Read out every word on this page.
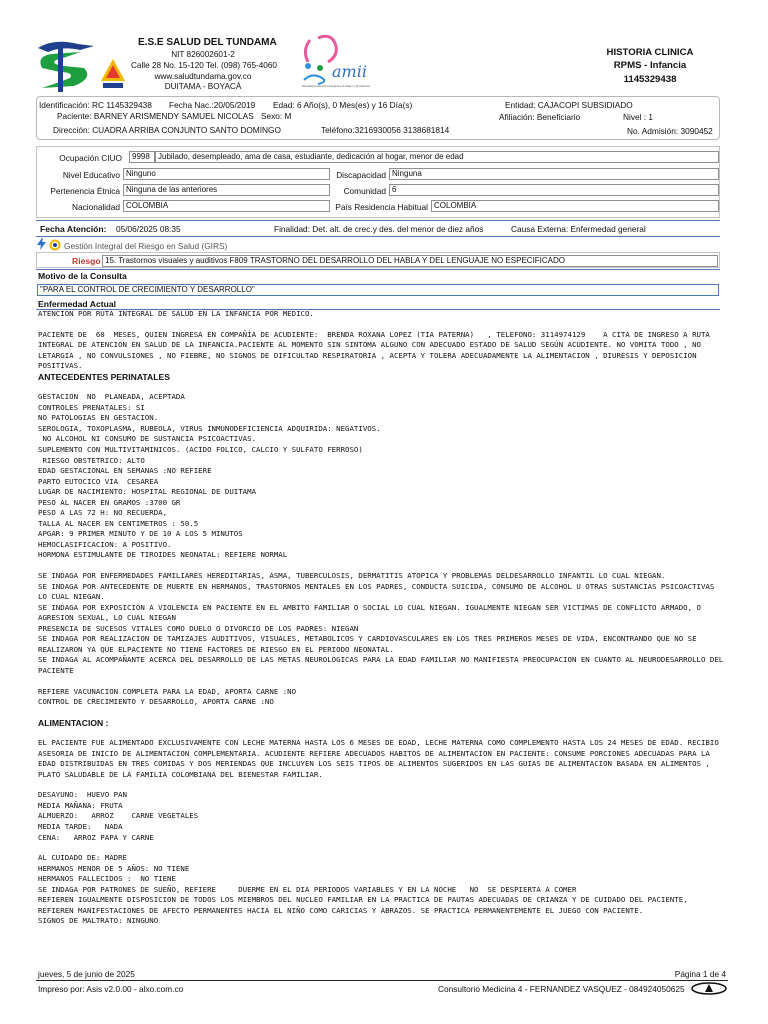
E.S.E SALUD DEL TUNDAMA
NIT 826002601-2
Calle 28 No. 15-120 Tel. (098) 765-4060
www.saludtundama.gov.co
DUITAMA - BOYACÁ
amii
Estrategia Atención Integral a la Mujer y la Infancia
HISTORIA CLINICA
RPMS - Infancia
1145329438
Identificación: RC 1145329438 Fecha Nac.:20/05/2019 Edad: 6 Año(s), 0 Mes(es) y 16 Día(s)	Entidad: CAJACOPI SUBSIDIADO
Paciente: BARNEY ARISMENDY SAMUEL NICOLAS Sexo: M	Afiliación: Beneficiario	Nivel : 1
Dirección: CUADRA ARRIBA CONJUNTO SANTO DOMINGO	Teléfono:3216930056 3138681814	No. Admisión: 3090452
Ocupación CIUO	9998	Jubilado, desempleado, ama de casa, estudiante, dedicación al hogar, menor de edad
Nivel Educativo Ninguno	Discapacidad Ninguna
Pertenencia Étnica Ninguna de las anteriores	Comunidad 6
Nacionalidad COLOMBIA	País Residencia Habitual COLOMBIA
Fecha Atención: 05/06/2025 08:35	Finalidad: Det. alt. de crec.y des. del menor de diez años	Causa Externa: Enfermedad general
Gestión Integral del Riesgo en Salud (GIRS)
Riesgo 15. Trastornos visuales y auditivos F809 TRASTORNO DEL DESARROLLO DEL HABLA Y DEL LENGUAJE NO ESPECIFICADO
Motivo de la Consulta
"PARA EL CONTROL DE CRECIMIENTO Y DESARROLLO"
Enfermedad Actual

ATENCION POR RUTA INTEGRAL DE SALUD EN LA INFANCIA POR MEDICO.

PACIENTE DE  60  MESES, QUIEN INGRESA EN COMPAÑÍA DE ACUDIENTE:  BRENDA ROXANA LOPEZ (TIA PATERNA)   , TELEFONO: 3114974129    A CITA DE INGRESO A RUTA INTEGRAL DE ATENCION EN SALUD DE LA INFANCIA.PACIENTE AL MOMENTO SIN SINTOMA ALGUNO CON ADECUADO ESTADO DE SALUD SEGÚN ACUDIENTE. NO VOMITA TODO , NO LETARGIA , NO CONVULSIONES , NO FIEBRE, NO SIGNOS DE DIFICULTAD RESPIRATORIA , ACEPTA Y TOLERA ADECUADAMENTE LA ALIMENTACION , DIURESIS Y DEPOSICION POSITIVAS.

ANTECEDENTES PERINATALES

GESTACION  NO  PLANEADA, ACEPTADA
CONTROLES PRENATALES: SI
NO PATOLOGIAS EN GESTACION.
SEROLOGIA, TOXOPLASMA, RUBEOLA, VIRUS INMUNODEFICIENCIA ADQUIRIDA: NEGATIVOS.
NO ALCOHOL NI CONSUMO DE SUSTANCIA PSICOACTIVAS.
SUPLEMENTO CON MULTIVITAMINICOS. (ACIDO FOLICO, CALCIO Y SULFATO FERROSO)
RIESGO OBSTETRICO: ALTO
EDAD GESTACIONAL EN SEMANAS :NO REFIERE
PARTO EUTOCICO VIA  CESAREA
LUGAR DE NACIMIENTO: HOSPITAL REGIONAL DE DUITAMA
PESO AL NACER EN GRAMOS :3700 GR
PESO A LAS 72 H: NO RECUERDA,
TALLA AL NACER EN CENTIMETROS : 50.5
APGAR: 9 PRIMER MINUTO Y DE 10 A LOS 5 MINUTOS
HEMOCLASIFICACION: A POSITIVO.
HORMONA ESTIMULANTE DE TIROIDES NEONATAL: REFIERE NORMAL

SE INDAGA POR ENFERMEDADES FAMILIARES HEREDITARIAS, ASMA, TUBERCULOSIS, DERMATITIS ATOPICA Y PROBLEMAS DELDESARROLLO INFANTIL LO CUAL NIEGAN.
SE INDAGA POR ANTECEDENTE DE MUERTE EN HERMANOS, TRASTORNOS MENTALES EN LOS PADRES, CONDUCTA SUICIDA, CONSUMO DE ALCOHOL U OTRAS SUSTANCIAS PSICOACTIVAS LO CUAL NIEGAN.
SE INDAGA POR EXPOSICION A VIOLENCIA EN PACIENTE EN EL AMBITO FAMILIAR O SOCIAL LO CUAL NIEGAN. IGUALMENTE NIEGAN SER VICTIMAS DE CONFLICTO ARMADO, O AGRESION SEXUAL, LO CUAL NIEGAN
PRESENCIA DE SUCESOS VITALES COMO DUELO O DIVORCIO DE LOS PADRES: NIEGAN
SE INDAGA POR REALIZACION DE TAMIZAJES AUDITIVOS, VISUALES, METABOLICOS Y CARDIOVASCULARES EN LOS TRES PRIMEROS MESES DE VIDA, ENCONTRANDO QUE NO SE REALIZARON YA QUE ELPACIENTE NO TIENE FACTORES DE RIESGO EN EL PERIODO NEONATAL.
SE INDAGA AL ACOMPAÑANTE ACERCA DEL DESARROLLO DE LAS METAS NEUROLOGICAS PARA LA EDAD FAMILIAR NO MANIFIESTA PREOCUPACION EN CUANTO AL NEURODESARROLLO DEL PACIENTE

REFIERE VACUNACION COMPLETA PARA LA EDAD, APORTA CARNE :NO
CONTROL DE CRECIMIENTO Y DESARROLLO, APORTA CARNE :NO

ALIMENTACION :

EL PACIENTE FUE ALIMENTADO EXCLUSIVAMENTE CON LECHE MATERNA HASTA LOS 6 MESES DE EDAD, LECHE MATERNA COMO COMPLEMENTO HASTA LOS 24 MESES DE EDAD. RECIBIO ASESORIA DE INICIO DE ALIMENTACION COMPLEMENTARIA. ACUDIENTE REFIERE ADECUADOS HABITOS DE ALIMENTACION EN PACIENTE: CONSUME PORCIONES ADECUADAS PARA LA EDAD DISTRIBUIDAS EN TRES COMIDAS Y DOS MERIENDAS QUE INCLUYEN LOS SEIS TIPOS DE ALIMENTOS SUGERIDOS EN LAS GUIAS DE ALIMENTACION BASADA EN ALIMENTOS , PLATO SALUDABLE DE LA FAMILIA COLOMBIANA DEL BIENESTAR FAMILIAR.

DESAYUNO:  HUEVO PAN
MEDIA MAÑANA: FRUTA
ALMUERZO:   ARROZ    CARNE VEGETALES
MEDIA TARDE:   NADA
CENA:   ARROZ PAPA Y CARNE

AL CUIDADO DE: MADRE
HERMANOS MENOR DE 5 AÑOS: NO TIENE
HERMANOS FALLECIDOS :  NO TIENE
SE INDAGA POR PATRONES DE SUEÑO, REFIERE     DUERME EN EL DIA PERIODOS VARIABLES Y EN LA NOCHE   NO  SE DESPIERTA A COMER
REFIEREN IGUALMENTE DISPOSICION DE TODOS LOS MIEMBROS DEL NUCLEO FAMILIAR EN LA PRACTICA DE PAUTAS ADECUADAS DE CRIANZA Y DE CUIDADO DEL PACIENTE, REFIEREN MANIFESTACIONES DE AFECTO PERMANENTES HACIA EL NIÑO COMO CARICIAS Y ABRAZOS. SE PRACTICA PERMANENTEMENTE EL JUEGO CON PACIENTE.
SIGNOS DE MALTRATO: NINGUNO

jueves, 5 de junio de 2025	Página 1 de 4
Impreso por: Asis v2.0.00 - alxo.com.co	Consultorio Medicina 4 - FERNANDEZ VASQUEZ - 084924050625
